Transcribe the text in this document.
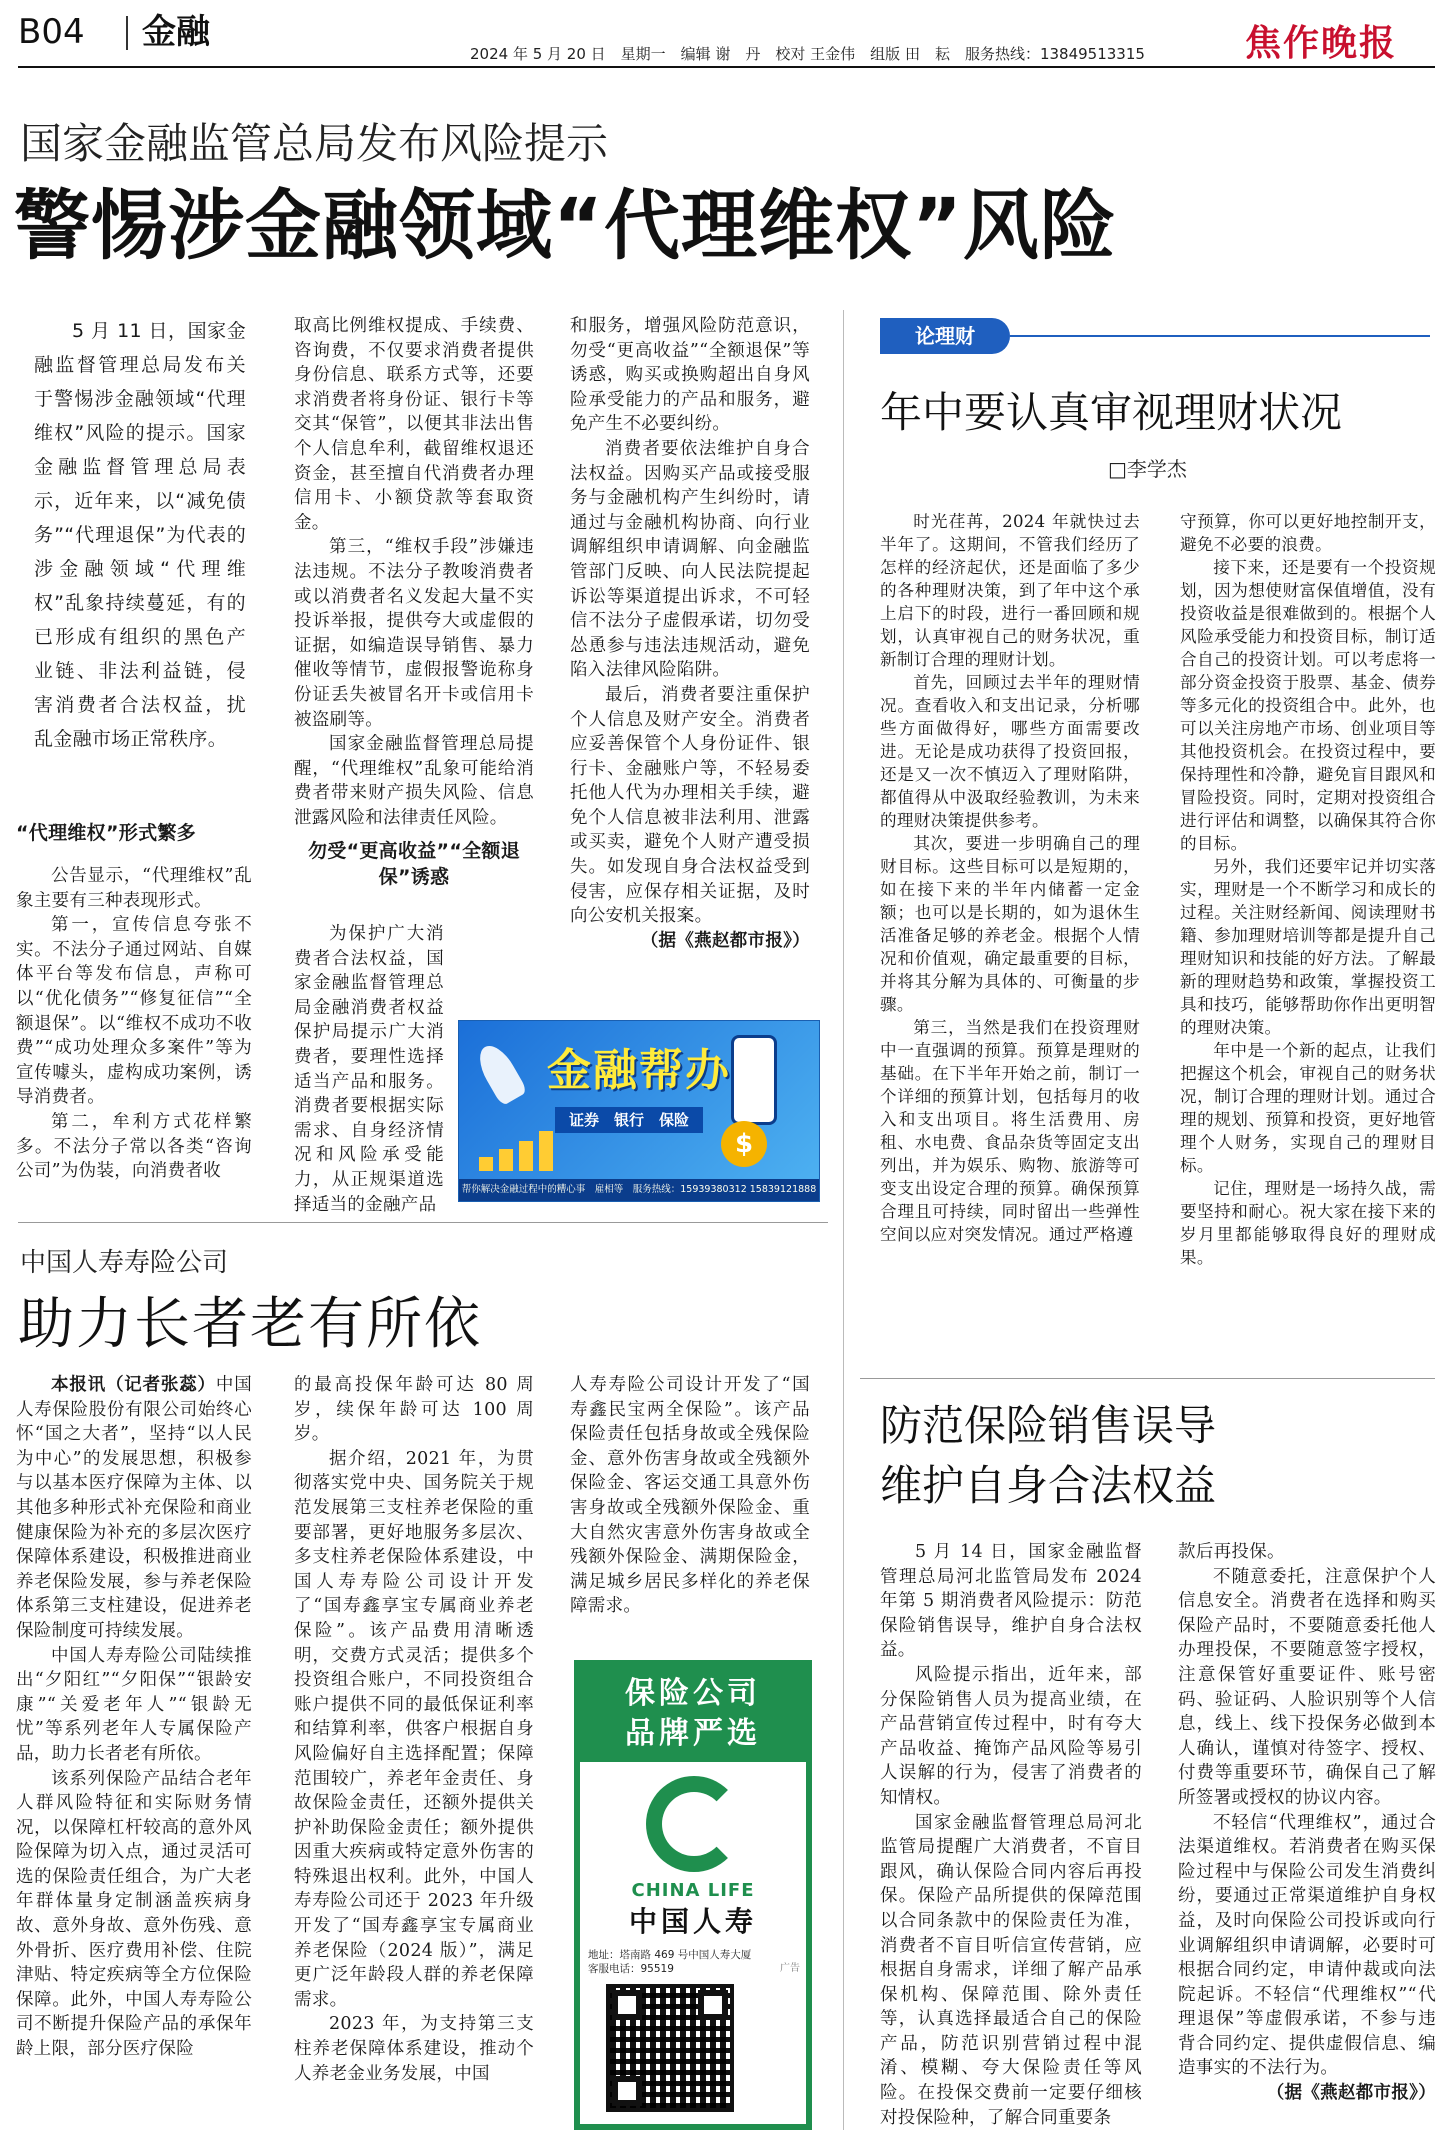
B04 金融
2024 年 5 月 20 日　星期一　编辑 谢　丹　校对 王金伟　组版 田　耘　服务热线：13849513315	焦作晚报
国家金融监管总局发布风险提示
警惕涉金融领域“代理维权”风险

5 月 11 日，国家金融监督管理总局发布关于警惕涉金融领域“代理维权”风险的提示。国家金融监督管理总局表示，近年来，以“减免债务”“代理退保”为代表的涉金融领域“代理维权”乱象持续蔓延，有的已形成有组织的黑色产业链、非法利益链，侵害消费者合法权益，扰乱金融市场正常秩序。

“代理维权”形式繁多

公告显示，“代理维权”乱象主要有三种表现形式。

第一，宣传信息夸张不实。不法分子通过网站、自媒体平台等发布信息，声称可以“优化债务”“修复征信”“全额退保”。以“维权不成功不收费”“成功处理众多案件”等为宣传噱头，虚构成功案例，诱导消费者。

第二，牟利方式花样繁多。不法分子常以各类“咨询公司”为伪装，向消费者收

取高比例维权提成、手续费、咨询费，不仅要求消费者提供身份信息、联系方式等，还要求消费者将身份证、银行卡等交其“保管”，以便其非法出售个人信息牟利，截留维权退还资金，甚至擅自代消费者办理信用卡、小额贷款等套取资金。

第三，“维权手段”涉嫌违法违规。不法分子教唆消费者或以消费者名义发起大量不实投诉举报，提供夸大或虚假的证据，如编造误导销售、暴力催收等情节，虚假报警诡称身份证丢失被冒名开卡或信用卡被盗刷等。

国家金融监督管理总局提醒，“代理维权”乱象可能给消费者带来财产损失风险、信息泄露风险和法律责任风险。

勿受“更高收益”“全额退保”诱惑

为保护广大消费者合法权益，国家金融监督管理总局金融消费者权益保护局提示广大消费者，要理性选择适当产品和服务。消费者要根据实际需求、自身经济情况和风险承受能力，从正规渠道选择适当的金融产品

和服务，增强风险防范意识，勿受“更高收益”“全额退保”等诱惑，购买或换购超出自身风险承受能力的产品和服务，避免产生不必要纠纷。

消费者要依法维护自身合法权益。因购买产品或接受服务与金融机构产生纠纷时，请通过与金融机构协商、向行业调解组织申请调解、向金融监管部门反映、向人民法院提起诉讼等渠道提出诉求，不可轻信不法分子虚假承诺，切勿受怂恿参与违法违规活动，避免陷入法律风险陷阱。

最后，消费者要注重保护个人信息及财产安全。消费者应妥善保管个人身份证件、银行卡、金融账户等，不轻易委托他人代为办理相关手续，避免个人信息被非法利用、泄露或买卖，避免个人财产遭受损失。如发现自身合法权益受到侵害，应保存相关证据，及时向公安机关报案。

（据《燕赵都市报》）

金融帮办
证券　银行　保险
$
帮你解决金融过程中的糟心事　雇相等　服务热线：15939380312 15839121888
中国人寿寿险公司
助力长者老有所依

本报讯（记者张蕊）中国人寿保险股份有限公司始终心怀“国之大者”，坚持“以人民为中心”的发展思想，积极参与以基本医疗保障为主体、以其他多种形式补充保险和商业健康保险为补充的多层次医疗保障体系建设，积极推进商业养老保险发展，参与养老保险体系第三支柱建设，促进养老保险制度可持续发展。

中国人寿寿险公司陆续推出“夕阳红”“夕阳保”“银龄安康”“关爱老年人”“银龄无忧”等系列老年人专属保险产品，助力长者老有所依。

该系列保险产品结合老年人群风险特征和实际财务情况，以保障杠杆较高的意外风险保障为切入点，通过灵活可选的保险责任组合，为广大老年群体量身定制涵盖疾病身故、意外身故、意外伤残、意外骨折、医疗费用补偿、住院津贴、特定疾病等全方位保险保障。此外，中国人寿寿险公司不断提升保险产品的承保年龄上限，部分医疗保险

的最高投保年龄可达 80 周岁，续保年龄可达 100 周岁。

据介绍，2021 年，为贯彻落实党中央、国务院关于规范发展第三支柱养老保险的重要部署，更好地服务多层次、多支柱养老保险体系建设，中国人寿寿险公司设计开发了“国寿鑫享宝专属商业养老保险”。该产品费用清晰透明，交费方式灵活；提供多个投资组合账户，不同投资组合账户提供不同的最低保证利率和结算利率，供客户根据自身风险偏好自主选择配置；保障范围较广，养老年金责任、身故保险金责任，还额外提供关护补助保险金责任；额外提供因重大疾病或特定意外伤害的特殊退出权利。此外，中国人寿寿险公司还于 2023 年升级开发了“国寿鑫享宝专属商业养老保险（2024 版）”，满足更广泛年龄段人群的养老保障需求。

2023 年，为支持第三支柱养老保障体系建设，推动个人养老金业务发展，中国

人寿寿险公司设计开发了“国寿鑫民宝两全保险”。该产品保险责任包括身故或全残保险金、意外伤害身故或全残额外保险金、客运交通工具意外伤害身故或全残额外保险金、重大自然灾害意外伤害身故或全残额外保险金、满期保险金，满足城乡居民多样化的养老保障需求。

保险公司
品牌严选
CHINA LIFE
中国人寿
地址：塔南路 469 号中国人寿大厦
客服电话：95519	广告
论理财
年中要认真审视理财状况
□李学杰

时光荏苒，2024 年就快过去半年了。这期间，不管我们经历了怎样的经济起伏，还是面临了多少的各种理财决策，到了年中这个承上启下的时段，进行一番回顾和规划，认真审视自己的财务状况，重新制订合理的理财计划。

首先，回顾过去半年的理财情况。查看收入和支出记录，分析哪些方面做得好，哪些方面需要改进。无论是成功获得了投资回报，还是又一次不慎迈入了理财陷阱，都值得从中汲取经验教训，为未来的理财决策提供参考。

其次，要进一步明确自己的理财目标。这些目标可以是短期的，如在接下来的半年内储蓄一定金额；也可以是长期的，如为退休生活准备足够的养老金。根据个人情况和价值观，确定最重要的目标，并将其分解为具体的、可衡量的步骤。

第三，当然是我们在投资理财中一直强调的预算。预算是理财的基础。在下半年开始之前，制订一个详细的预算计划，包括每月的收入和支出项目。将生活费用、房租、水电费、食品杂货等固定支出列出，并为娱乐、购物、旅游等可变支出设定合理的预算。确保预算合理且可持续，同时留出一些弹性空间以应对突发情况。通过严格遵

守预算，你可以更好地控制开支，避免不必要的浪费。

接下来，还是要有一个投资规划，因为想使财富保值增值，没有投资收益是很难做到的。根据个人风险承受能力和投资目标，制订适合自己的投资计划。可以考虑将一部分资金投资于股票、基金、债券等多元化的投资组合中。此外，也可以关注房地产市场、创业项目等其他投资机会。在投资过程中，要保持理性和冷静，避免盲目跟风和冒险投资。同时，定期对投资组合进行评估和调整，以确保其符合你的目标。

另外，我们还要牢记并切实落实，理财是一个不断学习和成长的过程。关注财经新闻、阅读理财书籍、参加理财培训等都是提升自己理财知识和技能的好方法。了解最新的理财趋势和政策，掌握投资工具和技巧，能够帮助你作出更明智的理财决策。

年中是一个新的起点，让我们把握这个机会，审视自己的财务状况，制订合理的理财计划。通过合理的规划、预算和投资，更好地管理个人财务，实现自己的理财目标。

记住，理财是一场持久战，需要坚持和耐心。祝大家在接下来的岁月里都能够取得良好的理财成果。

防范保险销售误导
维护自身合法权益

5 月 14 日，国家金融监督管理总局河北监管局发布 2024 年第 5 期消费者风险提示：防范保险销售误导，维护自身合法权益。

风险提示指出，近年来，部分保险销售人员为提高业绩，在产品营销宣传过程中，时有夸大产品收益、掩饰产品风险等易引人误解的行为，侵害了消费者的知情权。

国家金融监督管理总局河北监管局提醒广大消费者，不盲目跟风，确认保险合同内容后再投保。保险产品所提供的保障范围以合同条款中的保险责任为准，消费者不盲目听信宣传营销，应根据自身需求，详细了解产品承保机构、保障范围、除外责任等，认真选择最适合自己的保险产品，防范识别营销过程中混淆、模糊、夸大保险责任等风险。在投保交费前一定要仔细核对投保险种，了解合同重要条

款后再投保。

不随意委托，注意保护个人信息安全。消费者在选择和购买保险产品时，不要随意委托他人办理投保，不要随意签字授权，注意保管好重要证件、账号密码、验证码、人脸识别等个人信息，线上、线下投保务必做到本人确认，谨慎对待签字、授权、付费等重要环节，确保自己了解所签署或授权的协议内容。

不轻信“代理维权”，通过合法渠道维权。若消费者在购买保险过程中与保险公司发生消费纠纷，要通过正常渠道维护自身权益，及时向保险公司投诉或向行业调解组织申请调解，必要时可根据合同约定，申请仲裁或向法院起诉。不轻信“代理维权”“代理退保”等虚假承诺，不参与违背合同约定、提供虚假信息、编造事实的不法行为。

（据《燕赵都市报》）
